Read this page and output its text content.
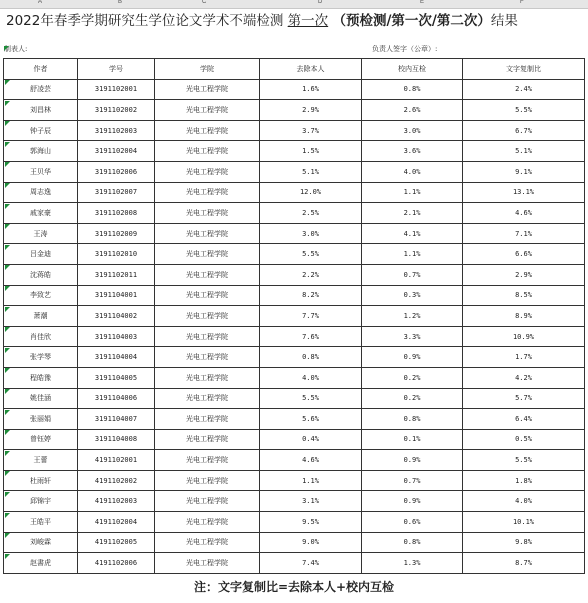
A	B	C	D	E	F
2022年春季学期研究生学位论文学术不端检测 第一次 （预检测/第一次/第二次）结果
制表人:	负责人签字（公章）:
作者	学号	学院	去除本人	校内互检	文字复制比
舒凌芸	3191102001	光电工程学院	1.6%	0.8%	2.4%
刘昌林	3191102002	光电工程学院	2.9%	2.6%	5.5%
钟子辰	3191102003	光电工程学院	3.7%	3.0%	6.7%
郭海山	3191102004	光电工程学院	1.5%	3.6%	5.1%
王贝华	3191102006	光电工程学院	5.1%	4.0%	9.1%
周志逸	3191102007	光电工程学院	12.0%	1.1%	13.1%
戚家豪	3191102008	光电工程学院	2.5%	2.1%	4.6%
王涛	3191102009	光电工程学院	3.0%	4.1%	7.1%
吕金迪	3191102010	光电工程学院	5.5%	1.1%	6.6%
沈蒋皓	3191102011	光电工程学院	2.2%	0.7%	2.9%
李致艺	3191104001	光电工程学院	8.2%	0.3%	8.5%
萧潮	3191104002	光电工程学院	7.7%	1.2%	8.9%
肖佳欣	3191104003	光电工程学院	7.6%	3.3%	10.9%
张学琴	3191104004	光电工程学院	0.8%	0.9%	1.7%
程皓豫	3191104005	光电工程学院	4.0%	0.2%	4.2%
姚佳涵	3191104006	光电工程学院	5.5%	0.2%	5.7%
张丽娟	3191104007	光电工程学院	5.6%	0.8%	6.4%
曾钰婷	3191104008	光电工程学院	0.4%	0.1%	0.5%
王蕾	4191102001	光电工程学院	4.6%	0.9%	5.5%
杜雨轩	4191102002	光电工程学院	1.1%	0.7%	1.8%
邱锦宇	4191102003	光电工程学院	3.1%	0.9%	4.0%
王皓平	4191102004	光电工程学院	9.5%	0.6%	10.1%
刘峻霖	4191102005	光电工程学院	9.0%	0.8%	9.8%
赵書虎	4191102006	光电工程学院	7.4%	1.3%	8.7%
注：文字复制比=去除本人+校内互检
